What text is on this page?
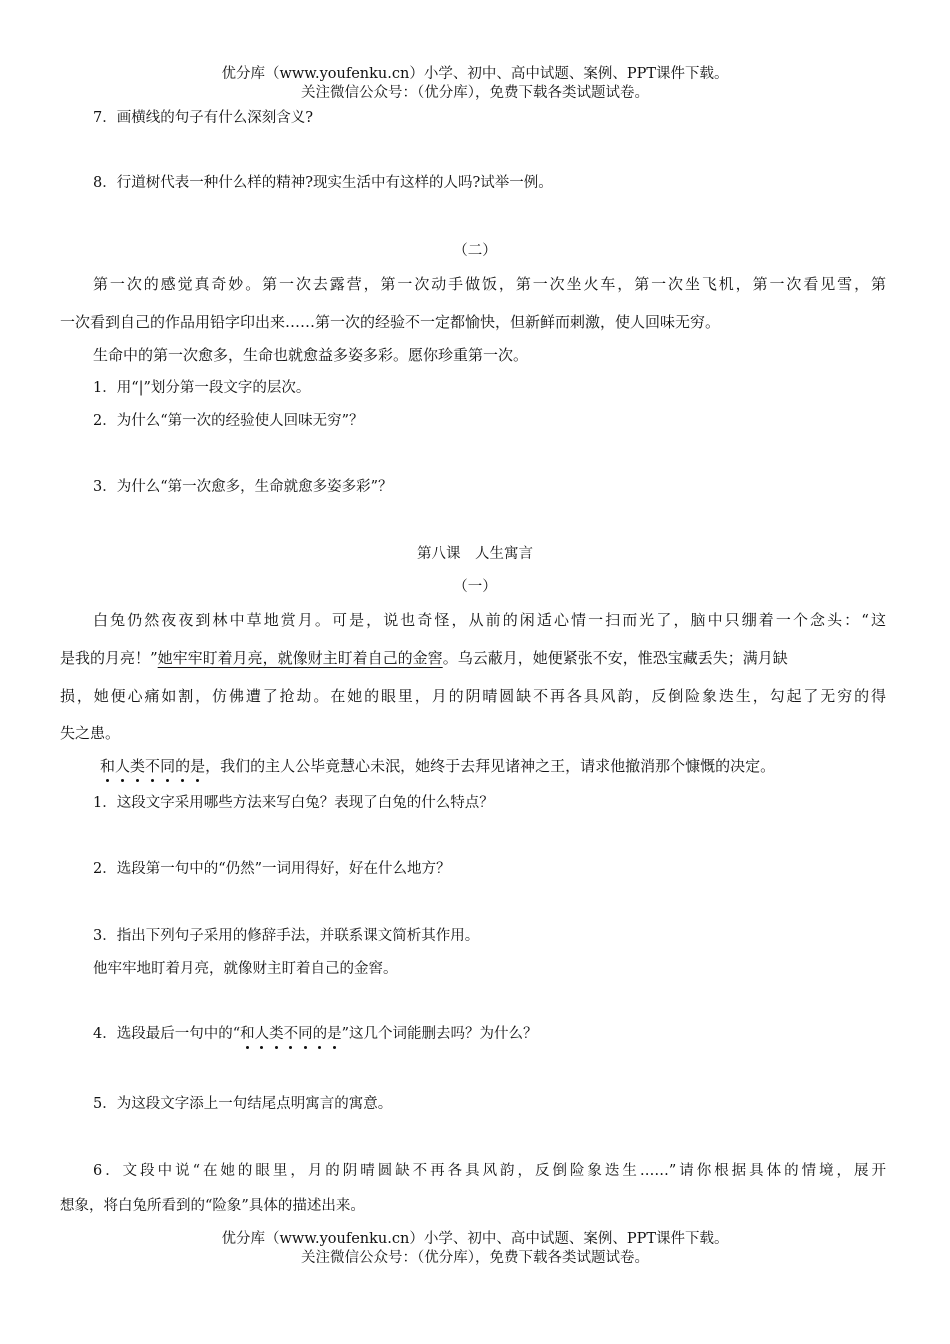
优分库（www.youfenku.cn）小学、初中、高中试题、案例、PPT课件下载。
关注微信公众号：（优分库），免费下载各类试题试卷。
7．画横线的句子有什么深刻含义?
8．行道树代表一种什么样的精神?现实生活中有这样的人吗?试举一例。
（二）
第一次的感觉真奇妙。第一次去露营，第一次动手做饭，第一次坐火车，第一次坐飞机，第一次看见雪，第
一次看到自己的作品用铅字印出来……第一次的经验不一定都愉快，但新鲜而刺激，使人回味无穷。
生命中的第一次愈多，生命也就愈益多姿多彩。愿你珍重第一次。
1．用“|”划分第一段文字的层次。
2．为什么“第一次的经验使人回味无穷”？
3．为什么“第一次愈多，生命就愈多姿多彩”？
第八课　人生寓言
（一）
白兔仍然夜夜到林中草地赏月。可是，说也奇怪，从前的闲适心情一扫而光了，脑中只绷着一个念头：“这
是我的月亮！”她牢牢盯着月亮，就像财主盯着自己的金窖。乌云蔽月，她便紧张不安，惟恐宝藏丢失；满月缺
损，她便心痛如割，仿佛遭了抢劫。在她的眼里，月的阴晴圆缺不再各具风韵，反倒险象迭生，勾起了无穷的得
失之患。
和人类不同的是，我们的主人公毕竟慧心未泯，她终于去拜见诸神之王，请求他撤消那个慷慨的决定。
1．这段文字采用哪些方法来写白兔？表现了白兔的什么特点？
2．选段第一句中的“仍然”一词用得好，好在什么地方？
3．指出下列句子采用的修辞手法，并联系课文简析其作用。
他牢牢地盯着月亮，就像财主盯着自己的金窖。
4．选段最后一句中的“和人类不同的是”这几个词能删去吗？为什么？
5．为这段文字添上一句结尾点明寓言的寓意。
6．文段中说“在她的眼里，月的阴晴圆缺不再各具风韵，反倒险象迭生……”请你根据具体的情境，展开
想象，将白兔所看到的“险象”具体的描述出来。
优分库（www.youfenku.cn）小学、初中、高中试题、案例、PPT课件下载。
关注微信公众号：（优分库），免费下载各类试题试卷。
